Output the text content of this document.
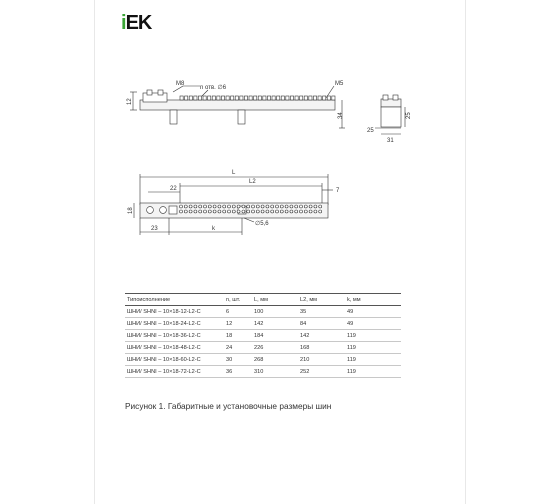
iEK
M8
n отв. ∅6
M5
12
34
25
31
25
L
L2
22	7
18
23	k
∅5,6
Типоисполнение	n, шт.	L, мм	L2, мм	k, мм
ШНИ/ SHNI – 10×18-12-L2-C	6	100	35	49
ШНИ/ SHNI – 10×18-24-L2-C	12	142	84	49
ШНИ/ SHNI – 10×18-36-L2-C	18	184	142	119
ШНИ/ SHNI – 10×18-48-L2-C	24	226	168	119
ШНИ/ SHNI – 10×18-60-L2-C	30	268	210	119
ШНИ/ SHNI – 10×18-72-L2-C	36	310	252	119
Рисунок 1. Габаритные и установочные размеры шин
